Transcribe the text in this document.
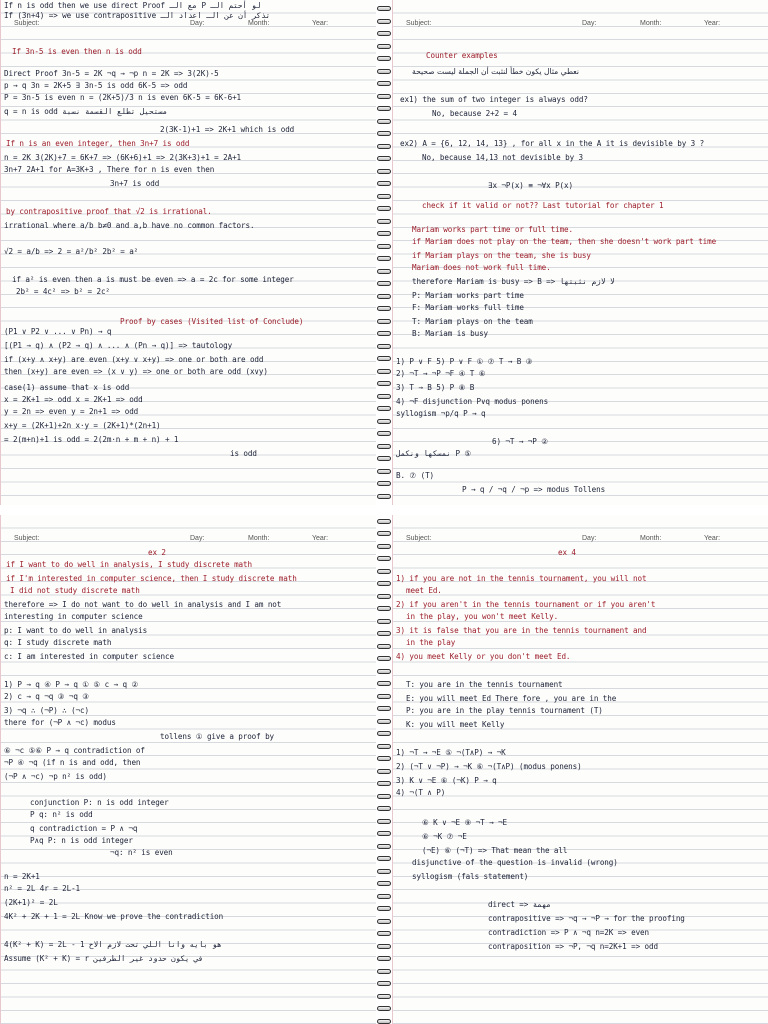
Subject:	Day:	Month:	Year:
If n is odd then we use direct Proof مع الـ P لو أحتم الـ
If (3n+4) => we use contrapositive تذكر أن عن الـ اعداد الـ
If 3n-5 is even then n is odd
Direct Proof 3n-5 = 2K ¬q → ¬p n = 2K => 3(2K)-5
p → q 3n = 2K+5 ∃ 3n-5 is odd 6K-5 => odd
P = 3n-5 is even n = (2K+5)/3 n is even 6K-5 = 6K-6+1
q = n is odd مستحيل تطلع القسمة نسبة
2(3K-1)+1 => 2K+1 which is odd
If n is an even integer, then 3n+7 is odd
n = 2K 3(2K)+7 = 6K+7 => (6K+6)+1 => 2(3K+3)+1 = 2A+1
3n+7 2A+1 for A=3K+3 , There for n is even then
3n+7 is odd
by contrapositive proof that √2 is irrational.
irrational where a/b b≠0 and a,b have no common factors.
√2 = a/b => 2 = a²/b² 2b² = a²
if a² is even then a is must be even => a = 2c for some integer
2b² = 4c² => b² = 2c²
Proof by cases (Visited list of Conclude)
(P1 ∨ P2 ∨ ... ∨ Pn) → q
[(P1 → q) ∧ (P2 → q) ∧ ... ∧ (Pn → q)] => tautology
if (x+y ∧ x+y) are even (x+y ∨ x+y) => one or both are odd
then (x+y) are even => (x ∨ y) => one or both are odd (x∨y)
case(1) assume that x is odd
x = 2K+1 => odd x = 2K+1 => odd
y = 2n => even y = 2n+1 => odd
x+y = (2K+1)+2n x·y = (2K+1)*(2n+1)
= 2(m+n)+1 is odd = 2(2m·n + m + n) + 1
is odd
Subject:	Day:	Month:	Year:
Counter examples
نعطي مثال يكون خطأ لنثبت أن الجملة ليست صحيحة
ex1) the sum of two integer is always odd?
No, because 2+2 = 4
ex2) A = {6, 12, 14, 13} , for all x in the A it is devisible by 3 ?
No, because 14,13 not devisible by 3
∃x ¬P(x) ≡ ¬∀x P(x)
check if it valid or not?? Last tutorial for chapter 1
Mariam works part time or full time.
if Mariam does not play on the team, then she doesn't work part time
if Mariam plays on the team, she is busy
Mariam does not work full time.
therefore Mariam is busy => B => لا لازم نثبتها
P: Mariam works part time
F: Mariam works full time
T: Mariam plays on the team
B: Mariam is busy
1) P ∨ F 5) P ∨ F ① ⑦ T → B ③
2) ¬T → ¬P ¬F ④ T ⑥
3) T → B 5) P ⑧ B
4) ¬F disjunction P∨q modus ponens
syllogism ¬p/q P → q
6) ¬T → ¬P ②
نمسكها ونكمل P ⑤
B. ⑦ (T)
P → q / ¬q / ¬p => modus Tollens
Subject:	Day:	Month:	Year:
ex 2
if I want to do well in analysis, I study discrete math
if I'm interested in computer science, then I study discrete math
I did not study discrete math
therefore => I do not want to do well in analysis and I am not
interesting in computer science
p: I want to do well in analysis
q: I study discrete math
c: I am interested in computer science
1) P → q ④ P → q ① ⑤ c → q ②
2) c → q ¬q ③ ¬q ③
3) ¬q ∴ (¬P) ∴ (¬c)
there for (¬P ∧ ¬c) modus
tollens ① give a proof by
⑥ ¬c ⑤⑥ P → q contradiction of
¬P ④ ¬q (if n is and odd, then
(¬P ∧ ¬c) ¬p n² is odd)
conjunction P: n is odd integer
P q: n² is odd
q contradiction = P ∧ ¬q
P∧q P: n is odd integer
¬q: n² is even
n = 2K+1
n² = 2L 4r = 2L-1
(2K+1)² = 2L
4K² + 2K + 1 = 2L Know we prove the contradiction
4(K² + K) = 2L - 1 هو بايه وانا اللي تحت لازم الاخ
Assume (K² + K) = r في يكون حدود غير الطرفين
Subject:	Day:	Month:	Year:
ex 4
1) if you are not in the tennis tournament, you will not
meet Ed.
2) if you aren't in the tennis tournament or if you aren't
in the play, you won't meet Kelly.
3) it is false that you are in the tennis tournament and
in the play
4) you meet Kelly or you don't meet Ed.
T: you are in the tennis tournament
E: you will meet Ed There fore , you are in the
P: you are in the play tennis tournament (T)
K: you will meet Kelly
1) ¬T → ¬E ⑤ ¬(T∧P) → ¬K
2) (¬T ∨ ¬P) → ¬K ⑥ ¬(T∧P) (modus ponens)
3) K ∨ ¬E ⑥ (¬K) P → q
4) ¬(T ∧ P)
⑥ K ∨ ¬E ⑨ ¬T → ¬E
⑥ ¬K ⑦ ¬E
(¬E) ⑥ (¬T) => That mean the all
disjunctive of the question is invalid (wrong)
syllogism (fals statement)
direct => مهمة
contrapositive => ¬q → ¬P → for the proofing
contradiction => P ∧ ¬q n=2K => even
contraposition => ¬P, ¬q n=2K+1 => odd
